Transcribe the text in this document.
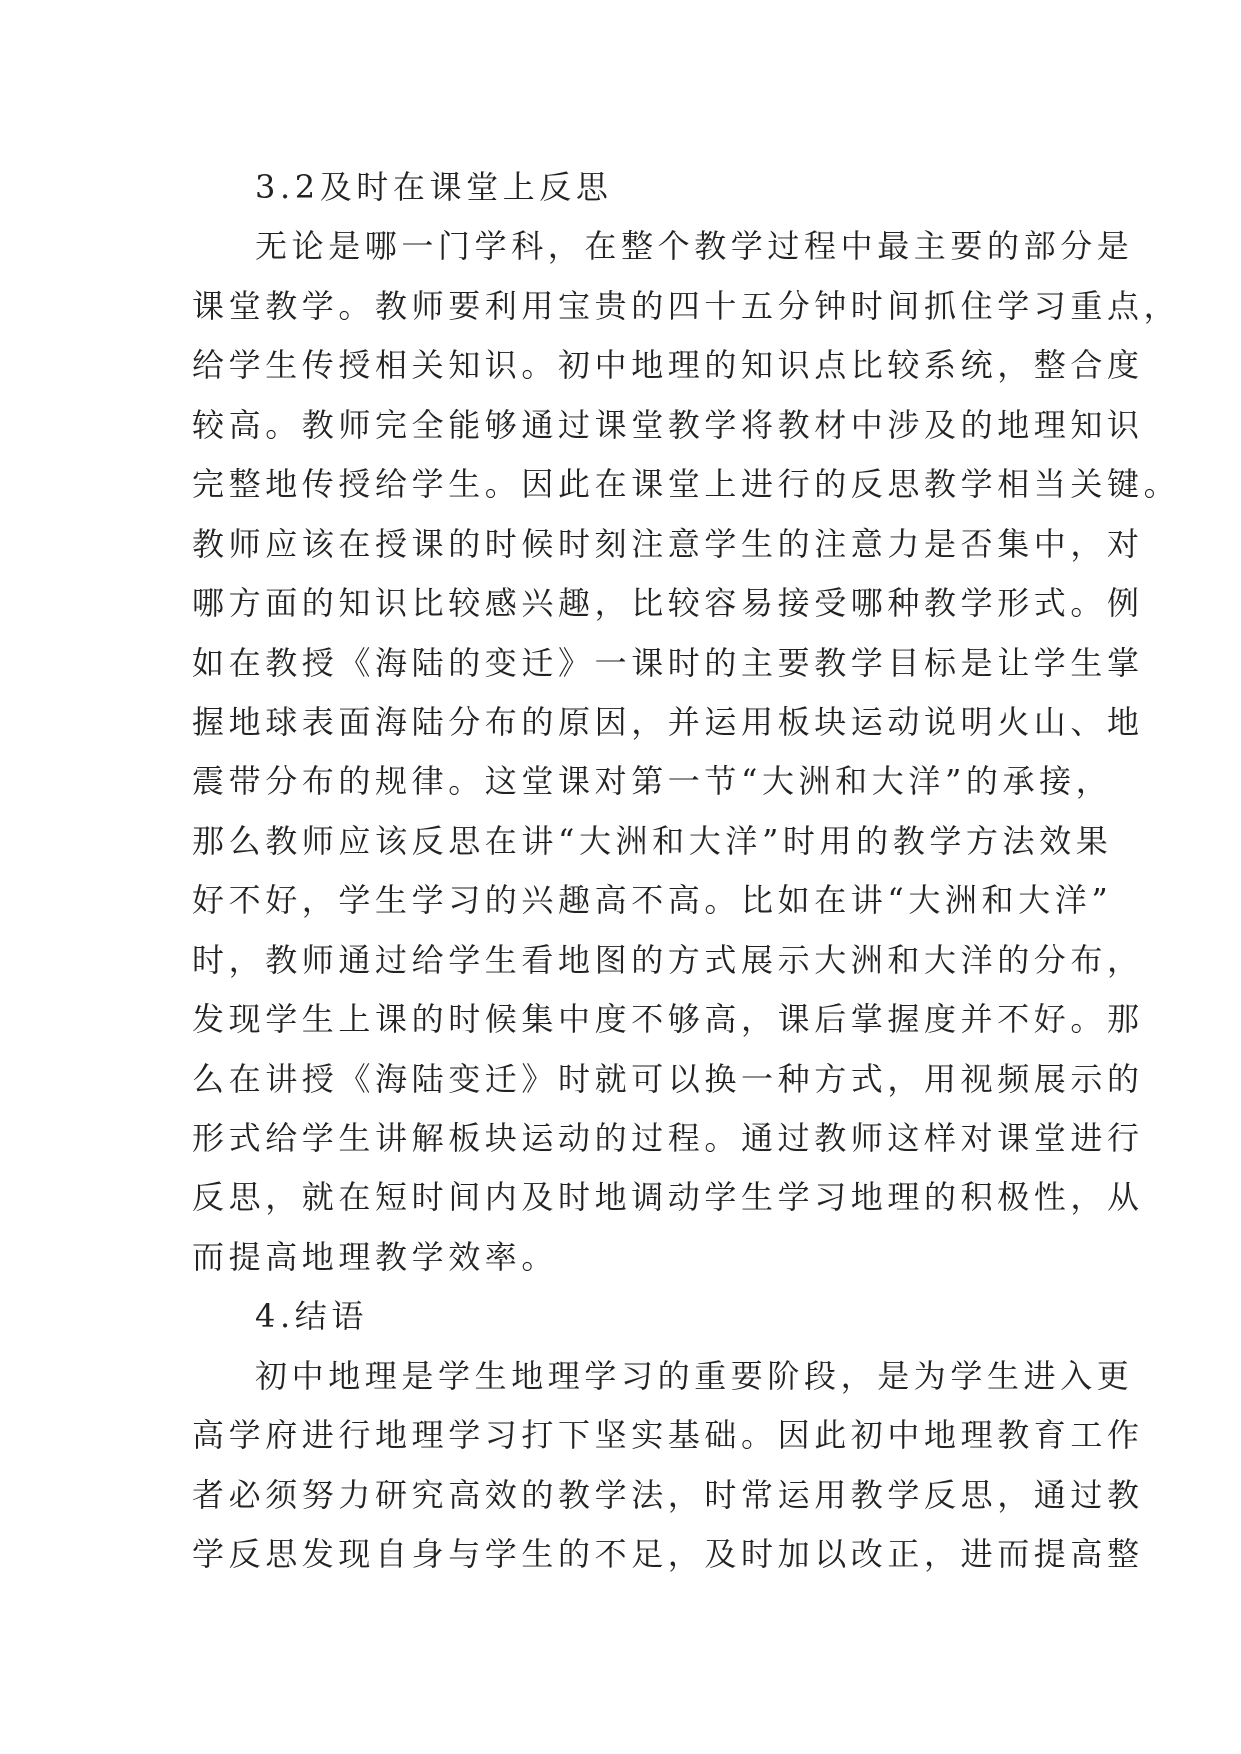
3.2及时在课堂上反思
无论是哪一门学科，在整个教学过程中最主要的部分是
课堂教学。教师要利用宝贵的四十五分钟时间抓住学习重点，
给学生传授相关知识。初中地理的知识点比较系统，整合度
较高。教师完全能够通过课堂教学将教材中涉及的地理知识
完整地传授给学生。因此在课堂上进行的反思教学相当关键。
教师应该在授课的时候时刻注意学生的注意力是否集中，对
哪方面的知识比较感兴趣，比较容易接受哪种教学形式。例
如在教授《海陆的变迁》一课时的主要教学目标是让学生掌
握地球表面海陆分布的原因，并运用板块运动说明火山、地
震带分布的规律。这堂课对第一节“大洲和大洋”的承接，
那么教师应该反思在讲“大洲和大洋”时用的教学方法效果
好不好，学生学习的兴趣高不高。比如在讲“大洲和大洋”
时，教师通过给学生看地图的方式展示大洲和大洋的分布，
发现学生上课的时候集中度不够高，课后掌握度并不好。那
么在讲授《海陆变迁》时就可以换一种方式，用视频展示的
形式给学生讲解板块运动的过程。通过教师这样对课堂进行
反思，就在短时间内及时地调动学生学习地理的积极性，从
而提高地理教学效率。
4.结语
初中地理是学生地理学习的重要阶段，是为学生进入更
高学府进行地理学习打下坚实基础。因此初中地理教育工作
者必须努力研究高效的教学法，时常运用教学反思，通过教
学反思发现自身与学生的不足，及时加以改正，进而提高整
